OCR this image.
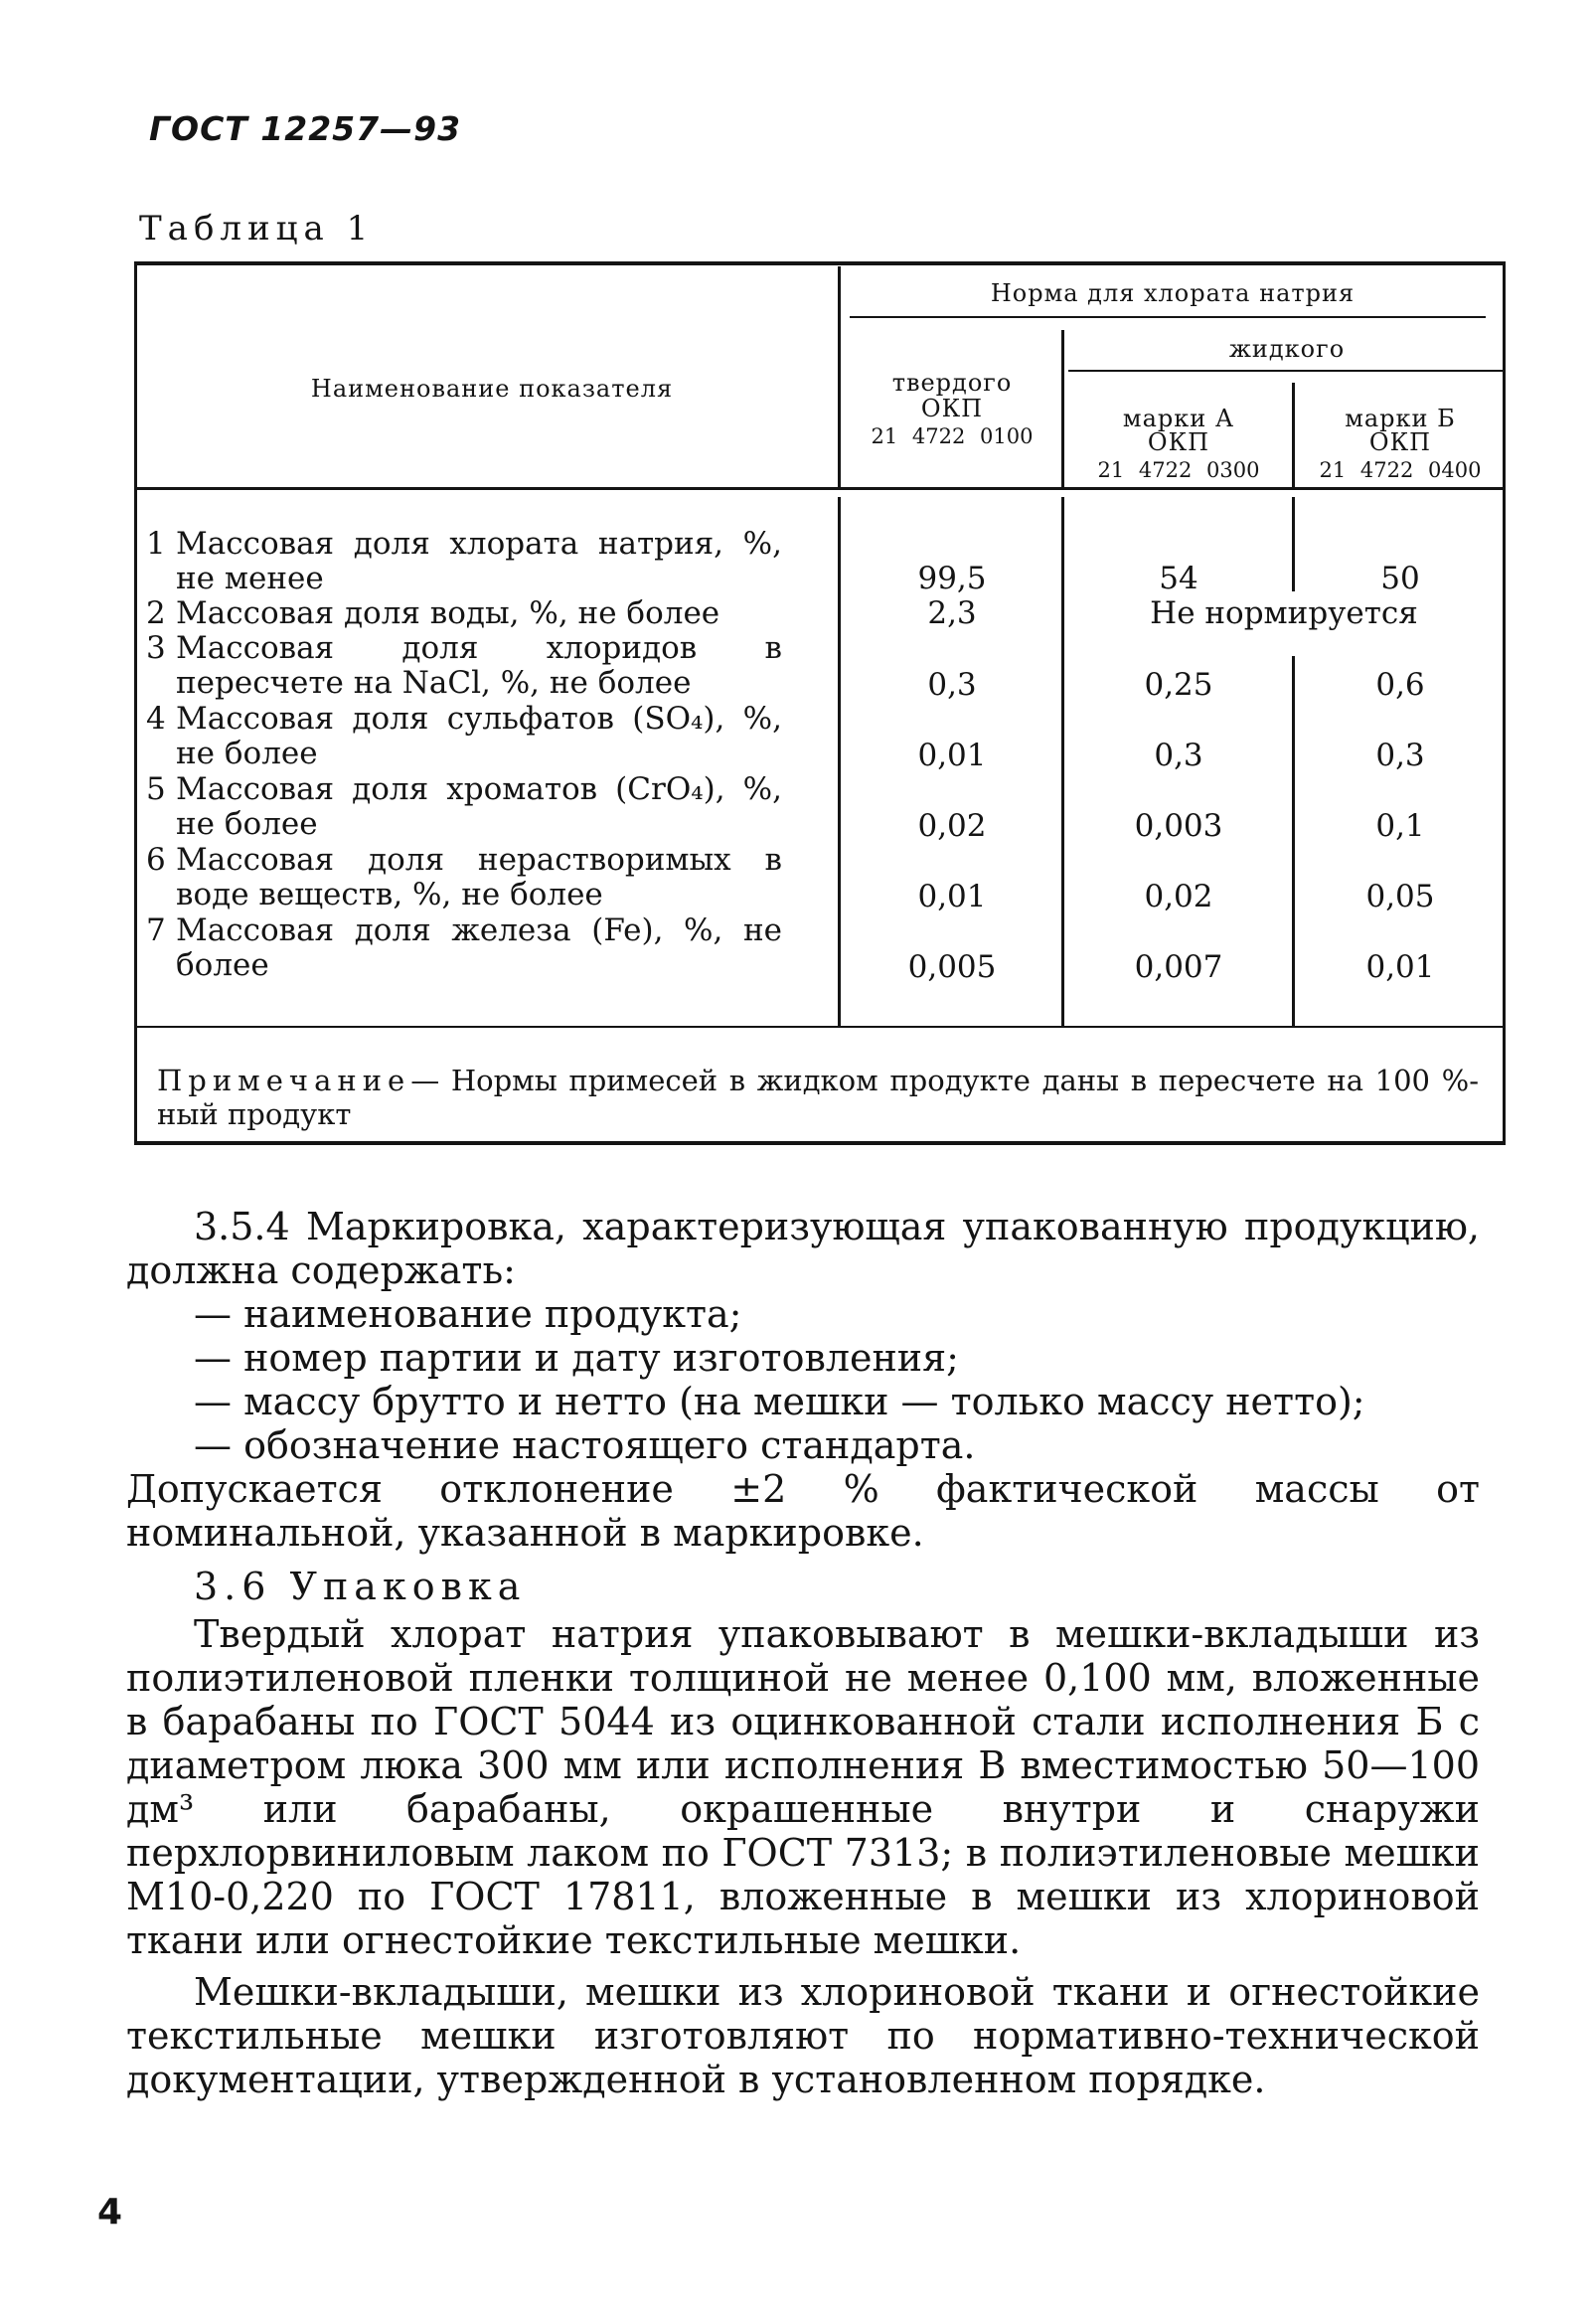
ГОСТ 12257—93
Таблица 1
Наименование показателя
Норма для хлората натрия
жидкого
твердого
ОКП
21 4722 0100
марки А
ОКП
21 4722 0300
марки Б
ОКП
21 4722 0400
1 Массовая доля хлората натрия, %, не менее	99,5	54	50
2 Массовая доля воды, %, не более	2,3	Не нормируется
3 Массовая доля хлоридов в пересчете на NaCl, %, не более	0,3	0,25	0,6
4 Массовая доля сульфатов (SO₄), %, не более	0,01	0,3	0,3
5 Массовая доля хроматов (CrO₄), %, не более	0,02	0,003	0,1
6 Массовая доля нерастворимых в воде веществ, %, не более	0,01	0,02	0,05
7 Массовая доля железа (Fe), %, не более	0,005	0,007	0,01
Примечание— Нормы примесей в жидком продукте даны в пересчете на 100 %-ный продукт

3.5.4 Маркировка, характеризующая упакованную продукцию, должна содержать:

— наименование продукта;

— номер партии и дату изготовления;

— массу брутто и нетто (на мешки — только массу нетто);

— обозначение настоящего стандарта.

Допускается отклонение ±2 % фактической массы от номинальной, указанной в маркировке.

3.6 Упаковка

Твердый хлорат натрия упаковывают в мешки-вкладыши из полиэтиленовой пленки толщиной не менее 0,100 мм, вложенные в барабаны по ГОСТ 5044 из оцинкованной стали исполнения Б с диаметром люка 300 мм или исполнения В вместимостью 50—100 дм³ или барабаны, окрашенные внутри и снаружи перхлорвиниловым лаком по ГОСТ 7313; в полиэтиленовые мешки М10-0,220 по ГОСТ 17811, вложенные в мешки из хлориновой ткани или огнестойкие текстильные мешки.

Мешки-вкладыши, мешки из хлориновой ткани и огнестойкие текстильные мешки изготовляют по нормативно-технической документации, утвержденной в установленном порядке.

4
